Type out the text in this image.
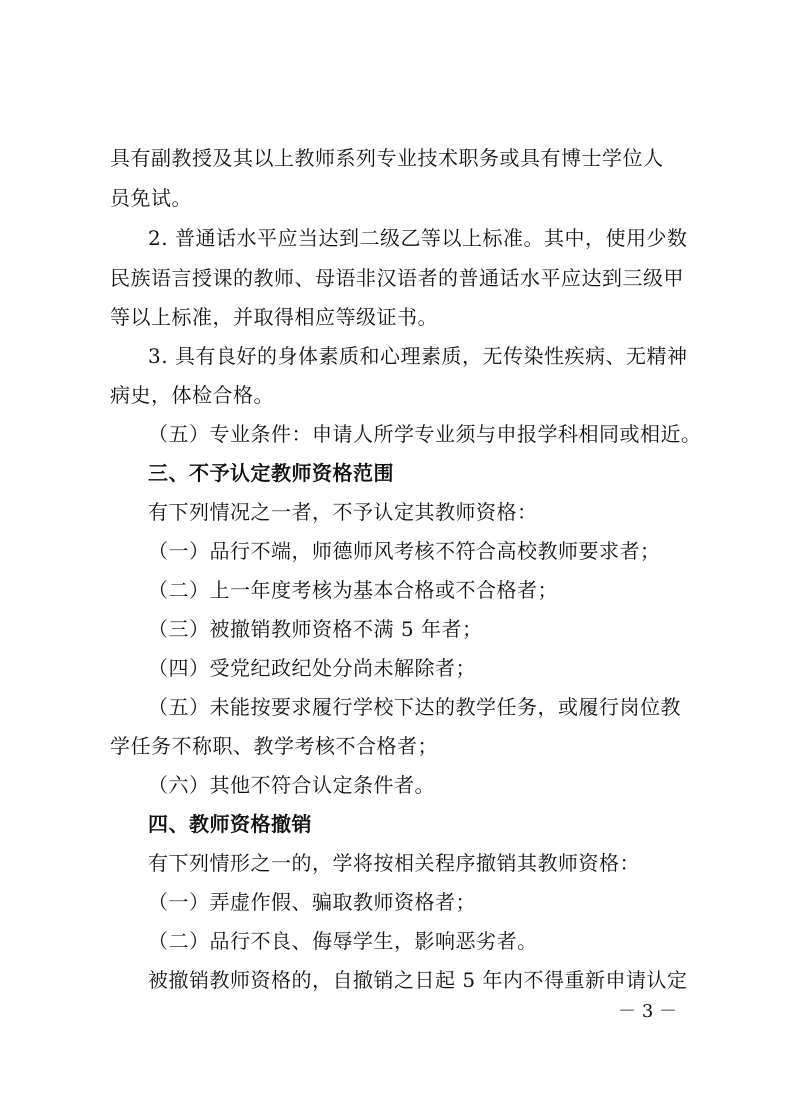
具有副教授及其以上教师系列专业技术职务或具有博士学位人
员免试。
2. 普通话水平应当达到二级乙等以上标准。其中，使用少数
民族语言授课的教师、母语非汉语者的普通话水平应达到三级甲
等以上标准，并取得相应等级证书。
3. 具有良好的身体素质和心理素质，无传染性疾病、无精神
病史，体检合格。
（五）专业条件：申请人所学专业须与申报学科相同或相近。
三、不予认定教师资格范围
有下列情况之一者，不予认定其教师资格：
（一）品行不端，师德师风考核不符合高校教师要求者；
（二）上一年度考核为基本合格或不合格者；
（三）被撤销教师资格不满 5 年者；
（四）受党纪政纪处分尚未解除者；
（五）未能按要求履行学校下达的教学任务，或履行岗位教
学任务不称职、教学考核不合格者；
（六）其他不符合认定条件者。
四、教师资格撤销
有下列情形之一的，学将按相关程序撤销其教师资格：
（一）弄虚作假、骗取教师资格者；
（二）品行不良、侮辱学生，影响恶劣者。
被撤销教师资格的，自撤销之日起 5 年内不得重新申请认定
－ 3 －
